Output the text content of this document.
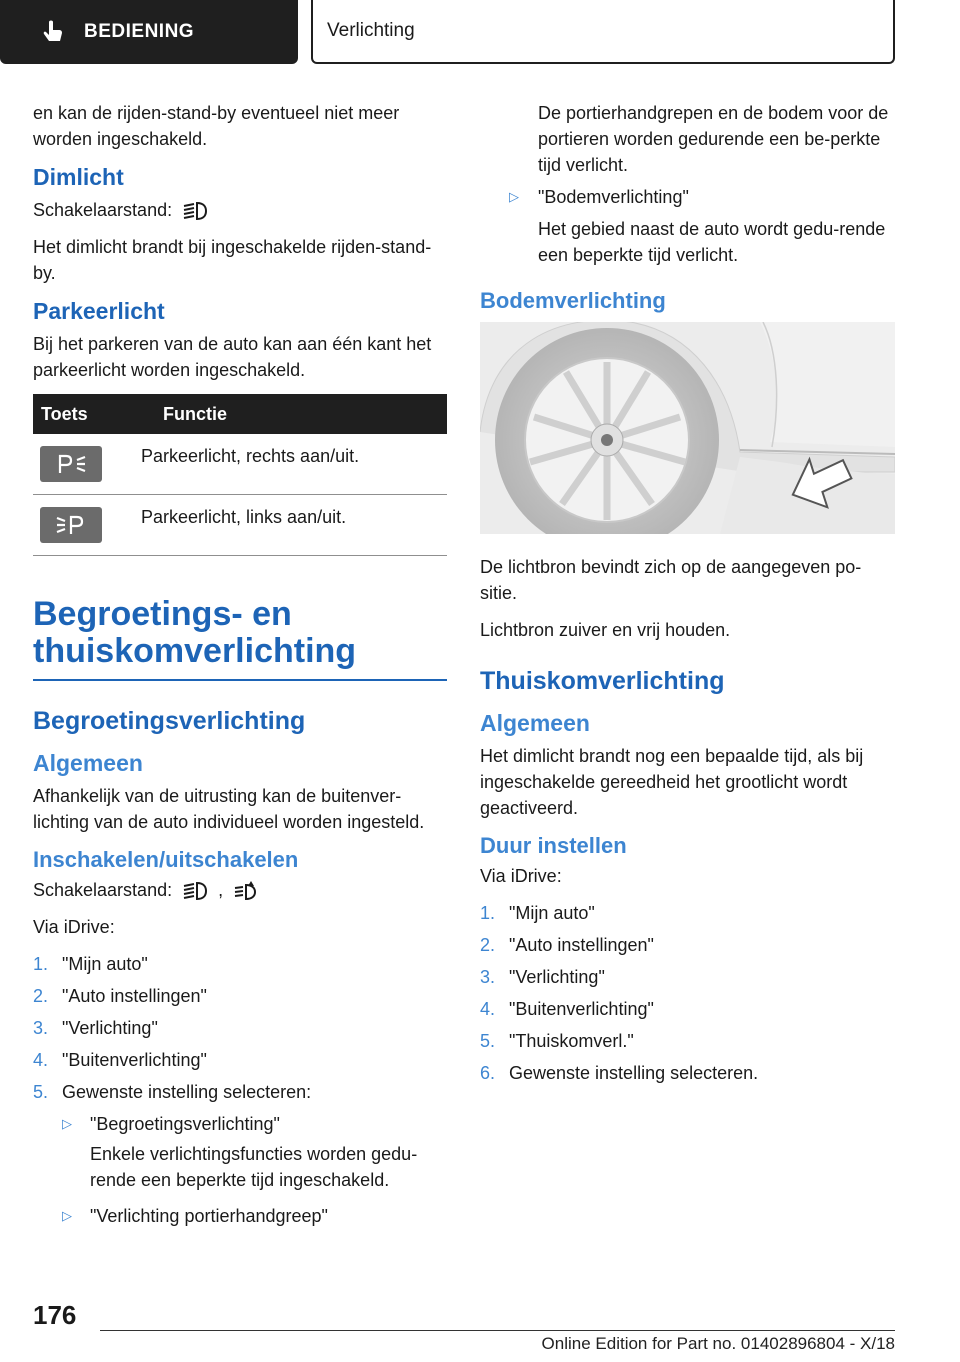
BEDIENING	Verlichting

en kan de rijden-stand-by eventueel niet meer worden ingeschakeld.

Dimlicht

Schakelaarstand:

Het dimlicht brandt bij ingeschakelde rijden-stand-by.

Parkeerlicht

Bij het parkeren van de auto kan aan één kant het parkeerlicht worden ingeschakeld.

Toets	Functie

	Parkeerlicht, rechts aan/uit.

	Parkeerlicht, links aan/uit.
Begroetings- en thuiskomverlichting
Begroetingsverlichting
Algemeen

Afhankelijk van de uitrusting kan de buitenver-lichting van de auto individueel worden ingesteld.

Inschakelen/uitschakelen

Schakelaarstand:	,

Via iDrive:

1. "Mijn auto"
2. "Auto instellingen"
3. "Verlichting"
4. "Buitenverlichting"
5. Gewenste instelling selecteren:
▷	"Begroetingsverlichting"
Enkele verlichtingsfuncties worden gedu-rende een beperkte tijd ingeschakeld.
▷	"Verlichting portierhandgreep"
De portierhandgrepen en de bodem voor de portieren worden gedurende een be-perkte tijd verlicht.
▷	"Bodemverlichting"
Het gebied naast de auto wordt gedu-rende een beperkte tijd verlicht.
Bodemverlichting

De lichtbron bevindt zich op de aangegeven po-sitie.

Lichtbron zuiver en vrij houden.

Thuiskomverlichting
Algemeen

Het dimlicht brandt nog een bepaalde tijd, als bij ingeschakelde gereedheid het grootlicht wordt geactiveerd.

Duur instellen

Via iDrive:

1. "Mijn auto"
2. "Auto instellingen"
3. "Verlichting"
4. "Buitenverlichting"
5. "Thuiskomverl."
6. Gewenste instelling selecteren.
176
Online Edition for Part no. 01402896804 - X/18
